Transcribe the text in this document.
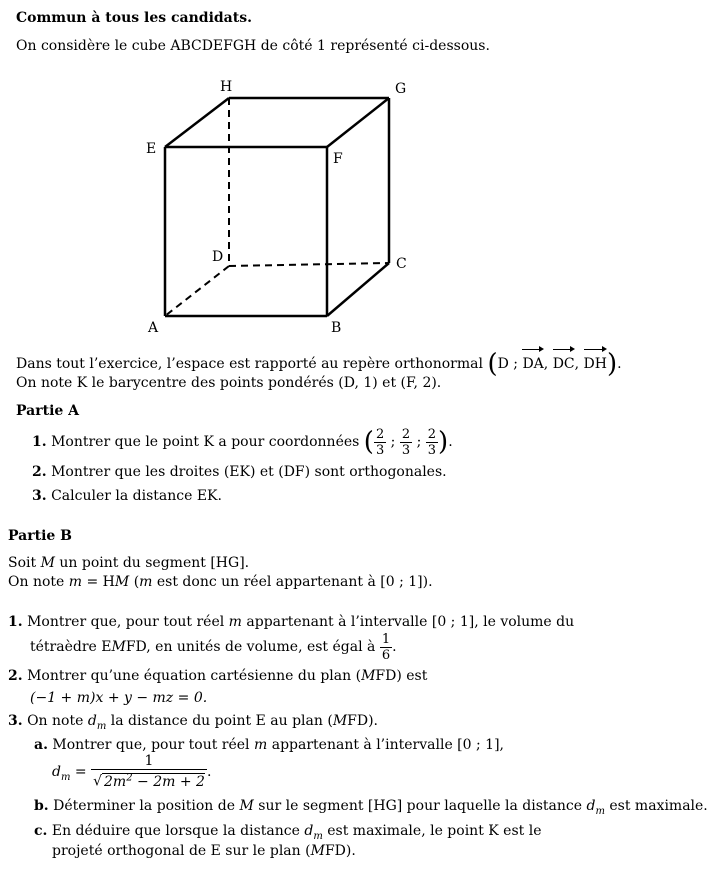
Commun à tous les candidats.
On considère le cube ABCDEFGH de côté 1 représenté ci-dessous.
H	G
E
F
D	C
A	B
Dans tout l’exercice, l’espace est rapporté au repère orthonormal (D ; DA, DC, DH).
On note K le barycentre des points pondérés (D, 1) et (F, 2).
Partie A
1. Montrer que le point K a pour coordonnées ( $\frac{2}{3}$ ; $\frac{2}{3}$ ; $\frac{2}{3}$ ).
2. Montrer que les droites (EK) et (DF) sont orthogonales.
3. Calculer la distance EK.
Partie B
Soit M un point du segment [HG].
On note m = HM (m est donc un réel appartenant à [0 ; 1]).
1. Montrer que, pour tout réel m appartenant à l’intervalle [0 ; 1], le volume du
tétraèdre EMFD, en unités de volume, est égal à $\frac{1}{6}$ .
2. Montrer qu’une équation cartésienne du plan (MFD) est
(−1 + m)x + y − mz = 0.
3. On note $d_m$ la distance du point E au plan (MFD).
a. Montrer que, pour tout réel m appartenant à l’intervalle [0 ; 1],
$d_m = \frac{1}{√ 2m^2 - 2m + 2}$ .
b. Déterminer la position de M sur le segment [HG] pour laquelle la distance $d_m$ est maximale.
c. En déduire que lorsque la distance $d_m$ est maximale, le point K est le
projeté orthogonal de E sur le plan (MFD).
